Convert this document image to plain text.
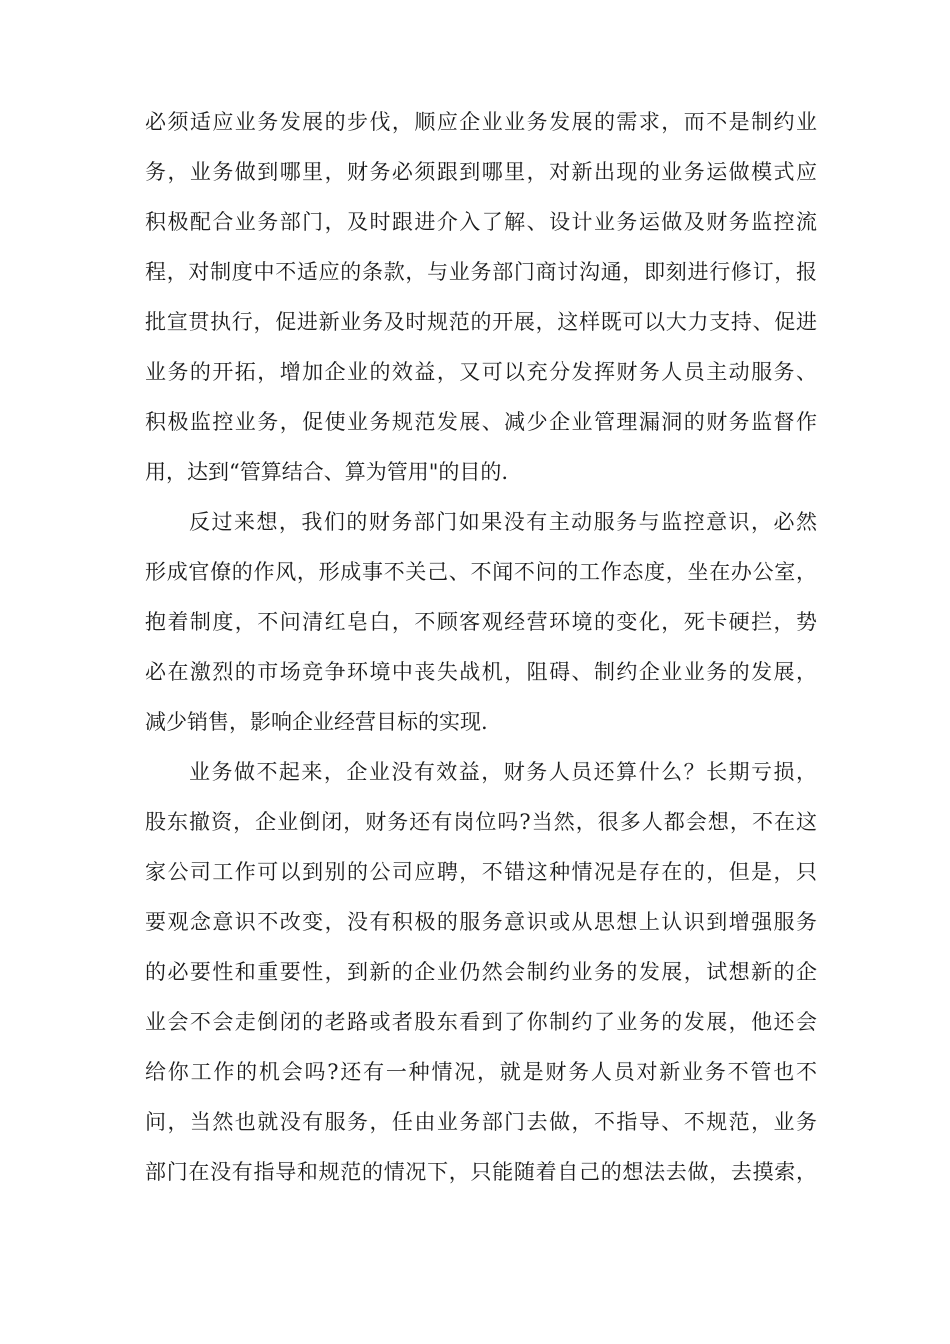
必须适应业务发展的步伐，顺应企业业务发展的需求，而不是制约业
务，业务做到哪里，财务必须跟到哪里，对新出现的业务运做模式应
积极配合业务部门，及时跟进介入了解、设计业务运做及财务监控流
程，对制度中不适应的条款，与业务部门商讨沟通，即刻进行修订，报
批宣贯执行，促进新业务及时规范的开展，这样既可以大力支持、促进
业务的开拓，增加企业的效益，又可以充分发挥财务人员主动服务、
积极监控业务，促使业务规范发展、减少企业管理漏洞的财务监督作
用，达到“管算结合、算为管用"的目的.
反过来想，我们的财务部门如果没有主动服务与监控意识，必然
形成官僚的作风，形成事不关己、不闻不问的工作态度，坐在办公室，
抱着制度，不问清红皂白，不顾客观经营环境的变化，死卡硬拦，势
必在激烈的市场竞争环境中丧失战机，阻碍、制约企业业务的发展，
减少销售，影响企业经营目标的实现.
业务做不起来，企业没有效益，财务人员还算什么？长期亏损，
股东撤资，企业倒闭，财务还有岗位吗?当然，很多人都会想，不在这
家公司工作可以到别的公司应聘，不错这种情况是存在的，但是，只
要观念意识不改变，没有积极的服务意识或从思想上认识到增强服务
的必要性和重要性，到新的企业仍然会制约业务的发展，试想新的企
业会不会走倒闭的老路或者股东看到了你制约了业务的发展，他还会
给你工作的机会吗?还有一种情况，就是财务人员对新业务不管也不
问，当然也就没有服务，任由业务部门去做，不指导、不规范，业务
部门在没有指导和规范的情况下，只能随着自己的想法去做，去摸索，
